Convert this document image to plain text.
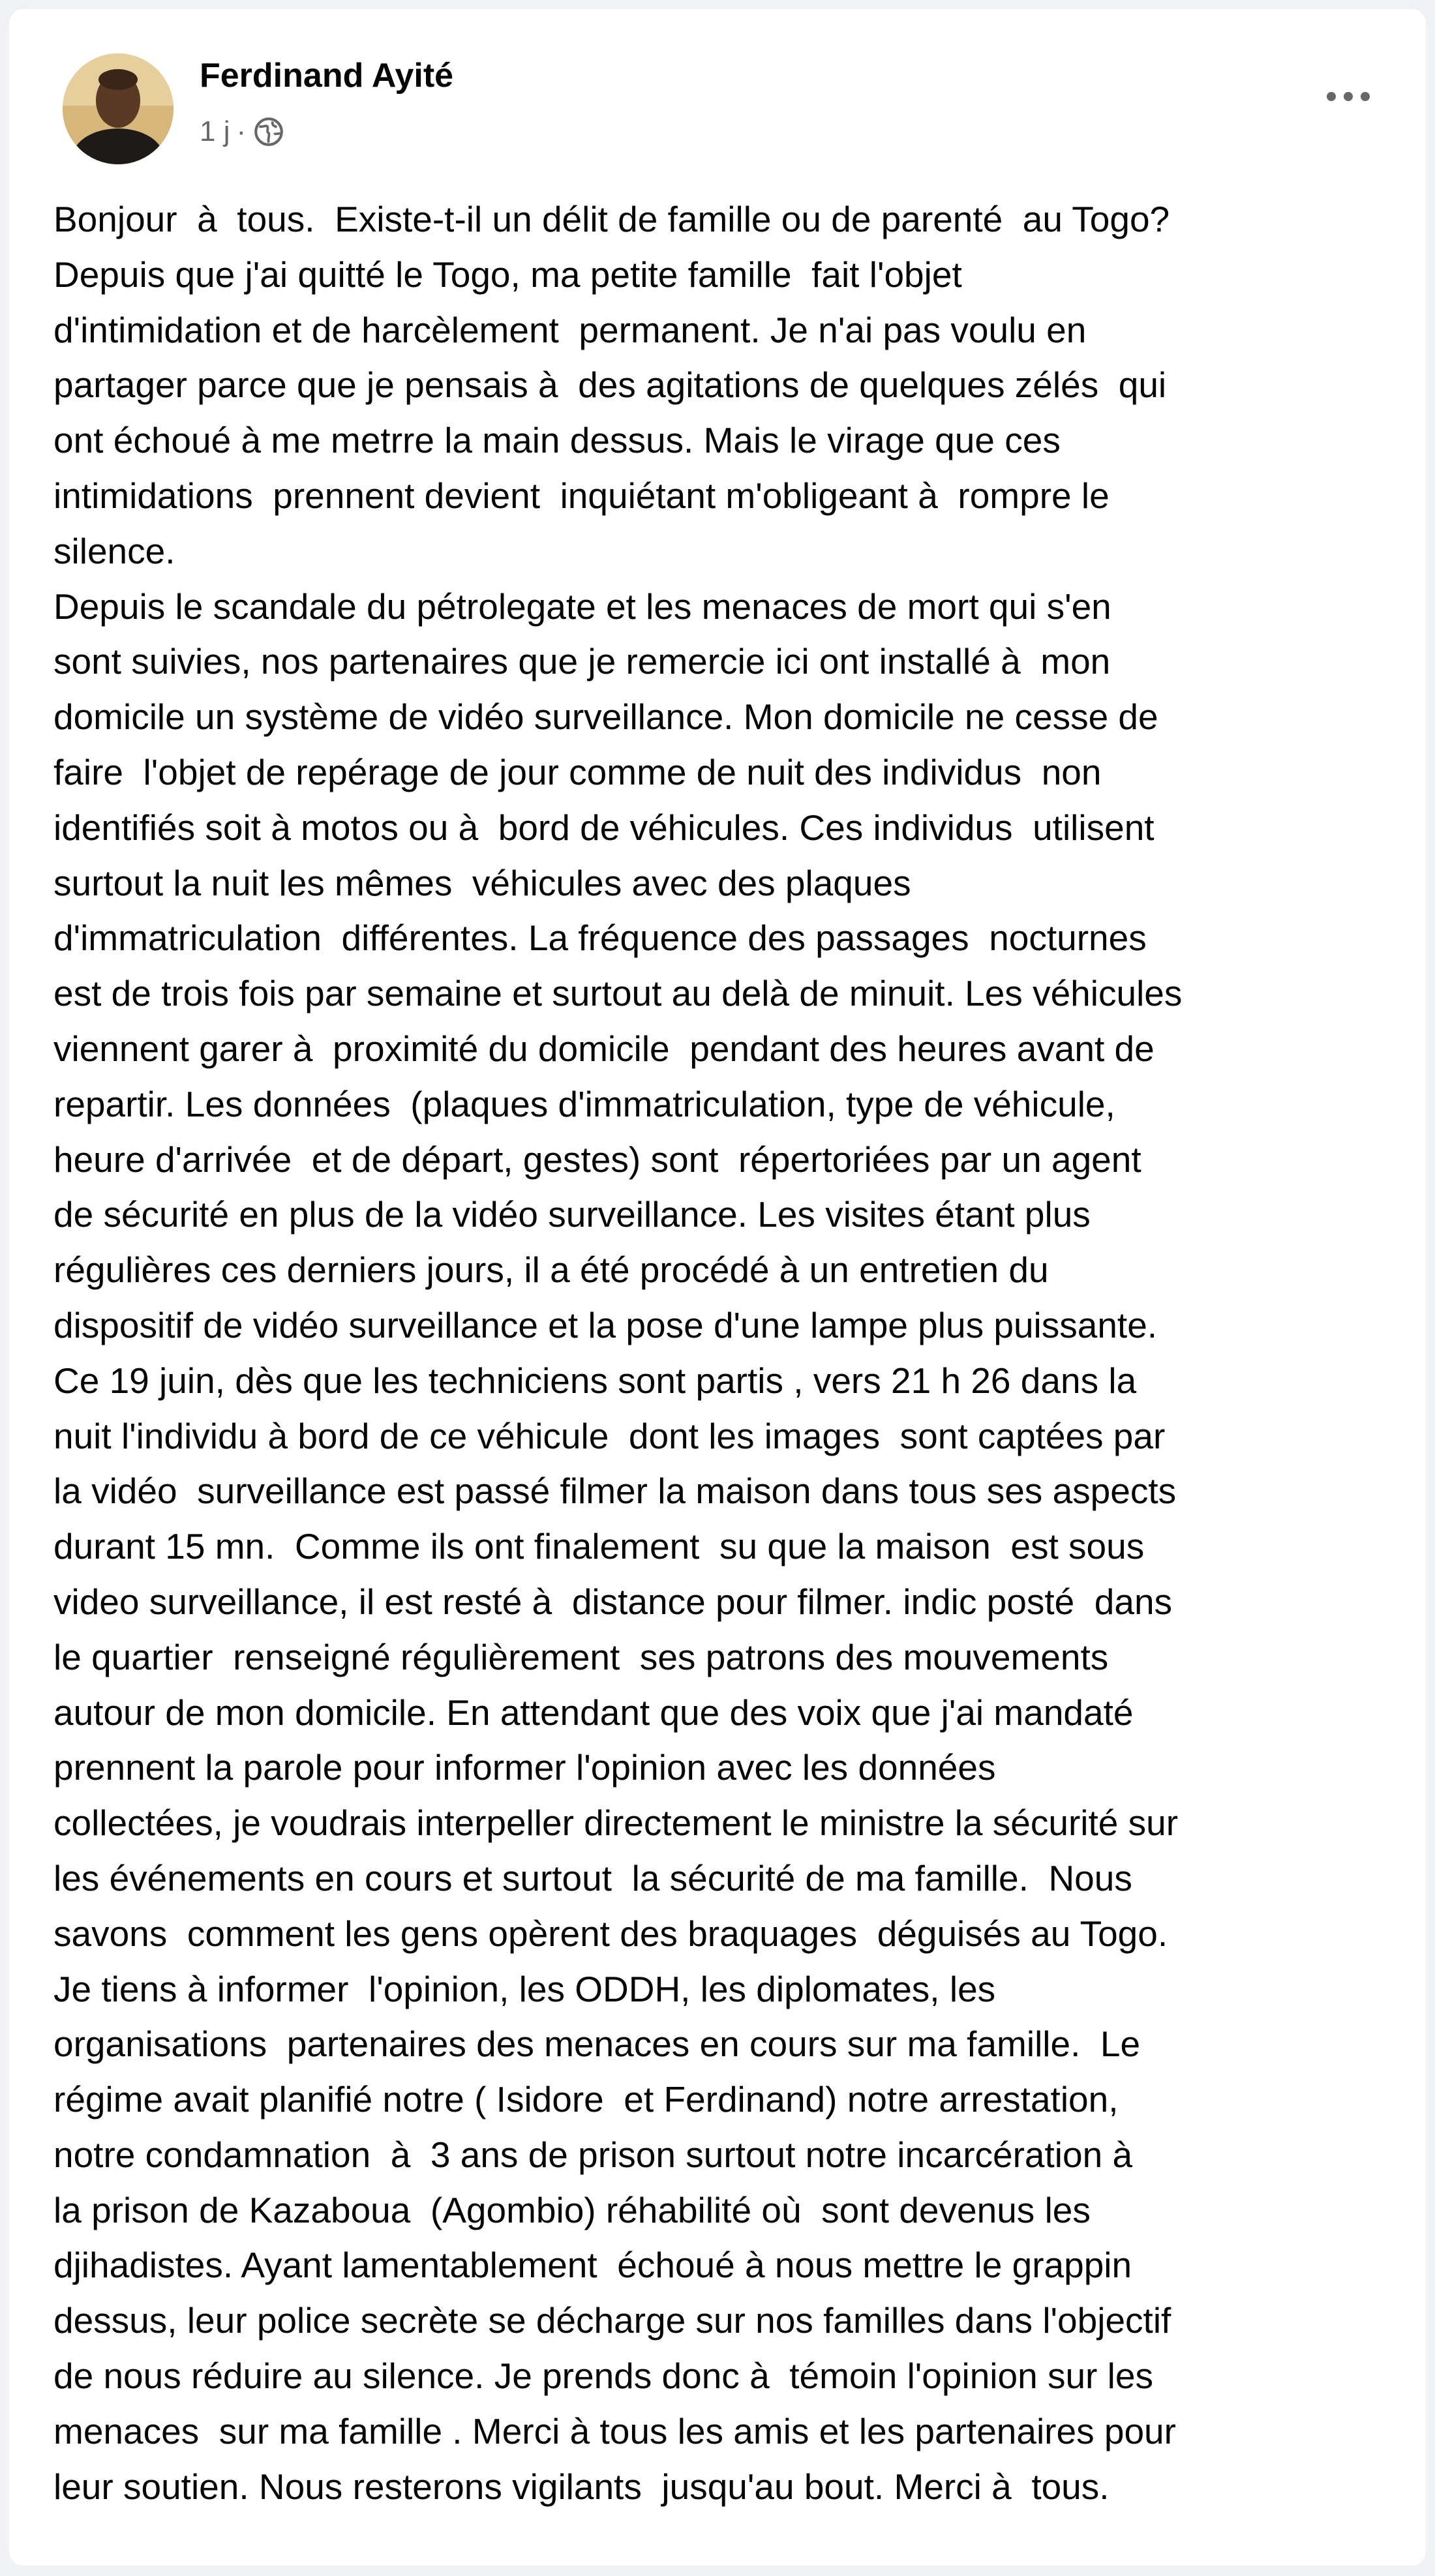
Ferdinand Ayité
1 j ·
Bonjour  à  tous.  Existe-t-il un délit de famille ou de parenté  au Togo?
Depuis que j'ai quitté le Togo, ma petite famille  fait l'objet
d'intimidation et de harcèlement  permanent. Je n'ai pas voulu en
partager parce que je pensais à  des agitations de quelques zélés  qui
ont échoué à me metrre la main dessus. Mais le virage que ces
intimidations  prennent devient  inquiétant m'obligeant à  rompre le
silence.
Depuis le scandale du pétrolegate et les menaces de mort qui s'en
sont suivies, nos partenaires que je remercie ici ont installé à  mon
domicile un système de vidéo surveillance. Mon domicile ne cesse de
faire  l'objet de repérage de jour comme de nuit des individus  non
identifiés soit à motos ou à  bord de véhicules. Ces individus  utilisent
surtout la nuit les mêmes  véhicules avec des plaques
d'immatriculation  différentes. La fréquence des passages  nocturnes
est de trois fois par semaine et surtout au delà de minuit. Les véhicules
viennent garer à  proximité du domicile  pendant des heures avant de
repartir. Les données  (plaques d'immatriculation, type de véhicule,
heure d'arrivée  et de départ, gestes) sont  répertoriées par un agent
de sécurité en plus de la vidéo surveillance. Les visites étant plus
régulières ces derniers jours, il a été procédé à un entretien du
dispositif de vidéo surveillance et la pose d'une lampe plus puissante.
Ce 19 juin, dès que les techniciens sont partis , vers 21 h 26 dans la
nuit l'individu à bord de ce véhicule  dont les images  sont captées par
la vidéo  surveillance est passé filmer la maison dans tous ses aspects
durant 15 mn.  Comme ils ont finalement  su que la maison  est sous
video surveillance, il est resté à  distance pour filmer. indic posté  dans
le quartier  renseigné régulièrement  ses patrons des mouvements
autour de mon domicile. En attendant que des voix que j'ai mandaté
prennent la parole pour informer l'opinion avec les données
collectées, je voudrais interpeller directement le ministre la sécurité sur
les événements en cours et surtout  la sécurité de ma famille.  Nous
savons  comment les gens opèrent des braquages  déguisés au Togo.
Je tiens à informer  l'opinion, les ODDH, les diplomates, les
organisations  partenaires des menaces en cours sur ma famille.  Le
régime avait planifié notre ( Isidore  et Ferdinand) notre arrestation,
notre condamnation  à  3 ans de prison surtout notre incarcération à
la prison de Kazaboua  (Agombio) réhabilité où  sont devenus les
djihadistes. Ayant lamentablement  échoué à nous mettre le grappin
dessus, leur police secrète se décharge sur nos familles dans l'objectif
de nous réduire au silence. Je prends donc à  témoin l'opinion sur les
menaces  sur ma famille . Merci à tous les amis et les partenaires pour
leur soutien. Nous resterons vigilants  jusqu'au bout. Merci à  tous.
